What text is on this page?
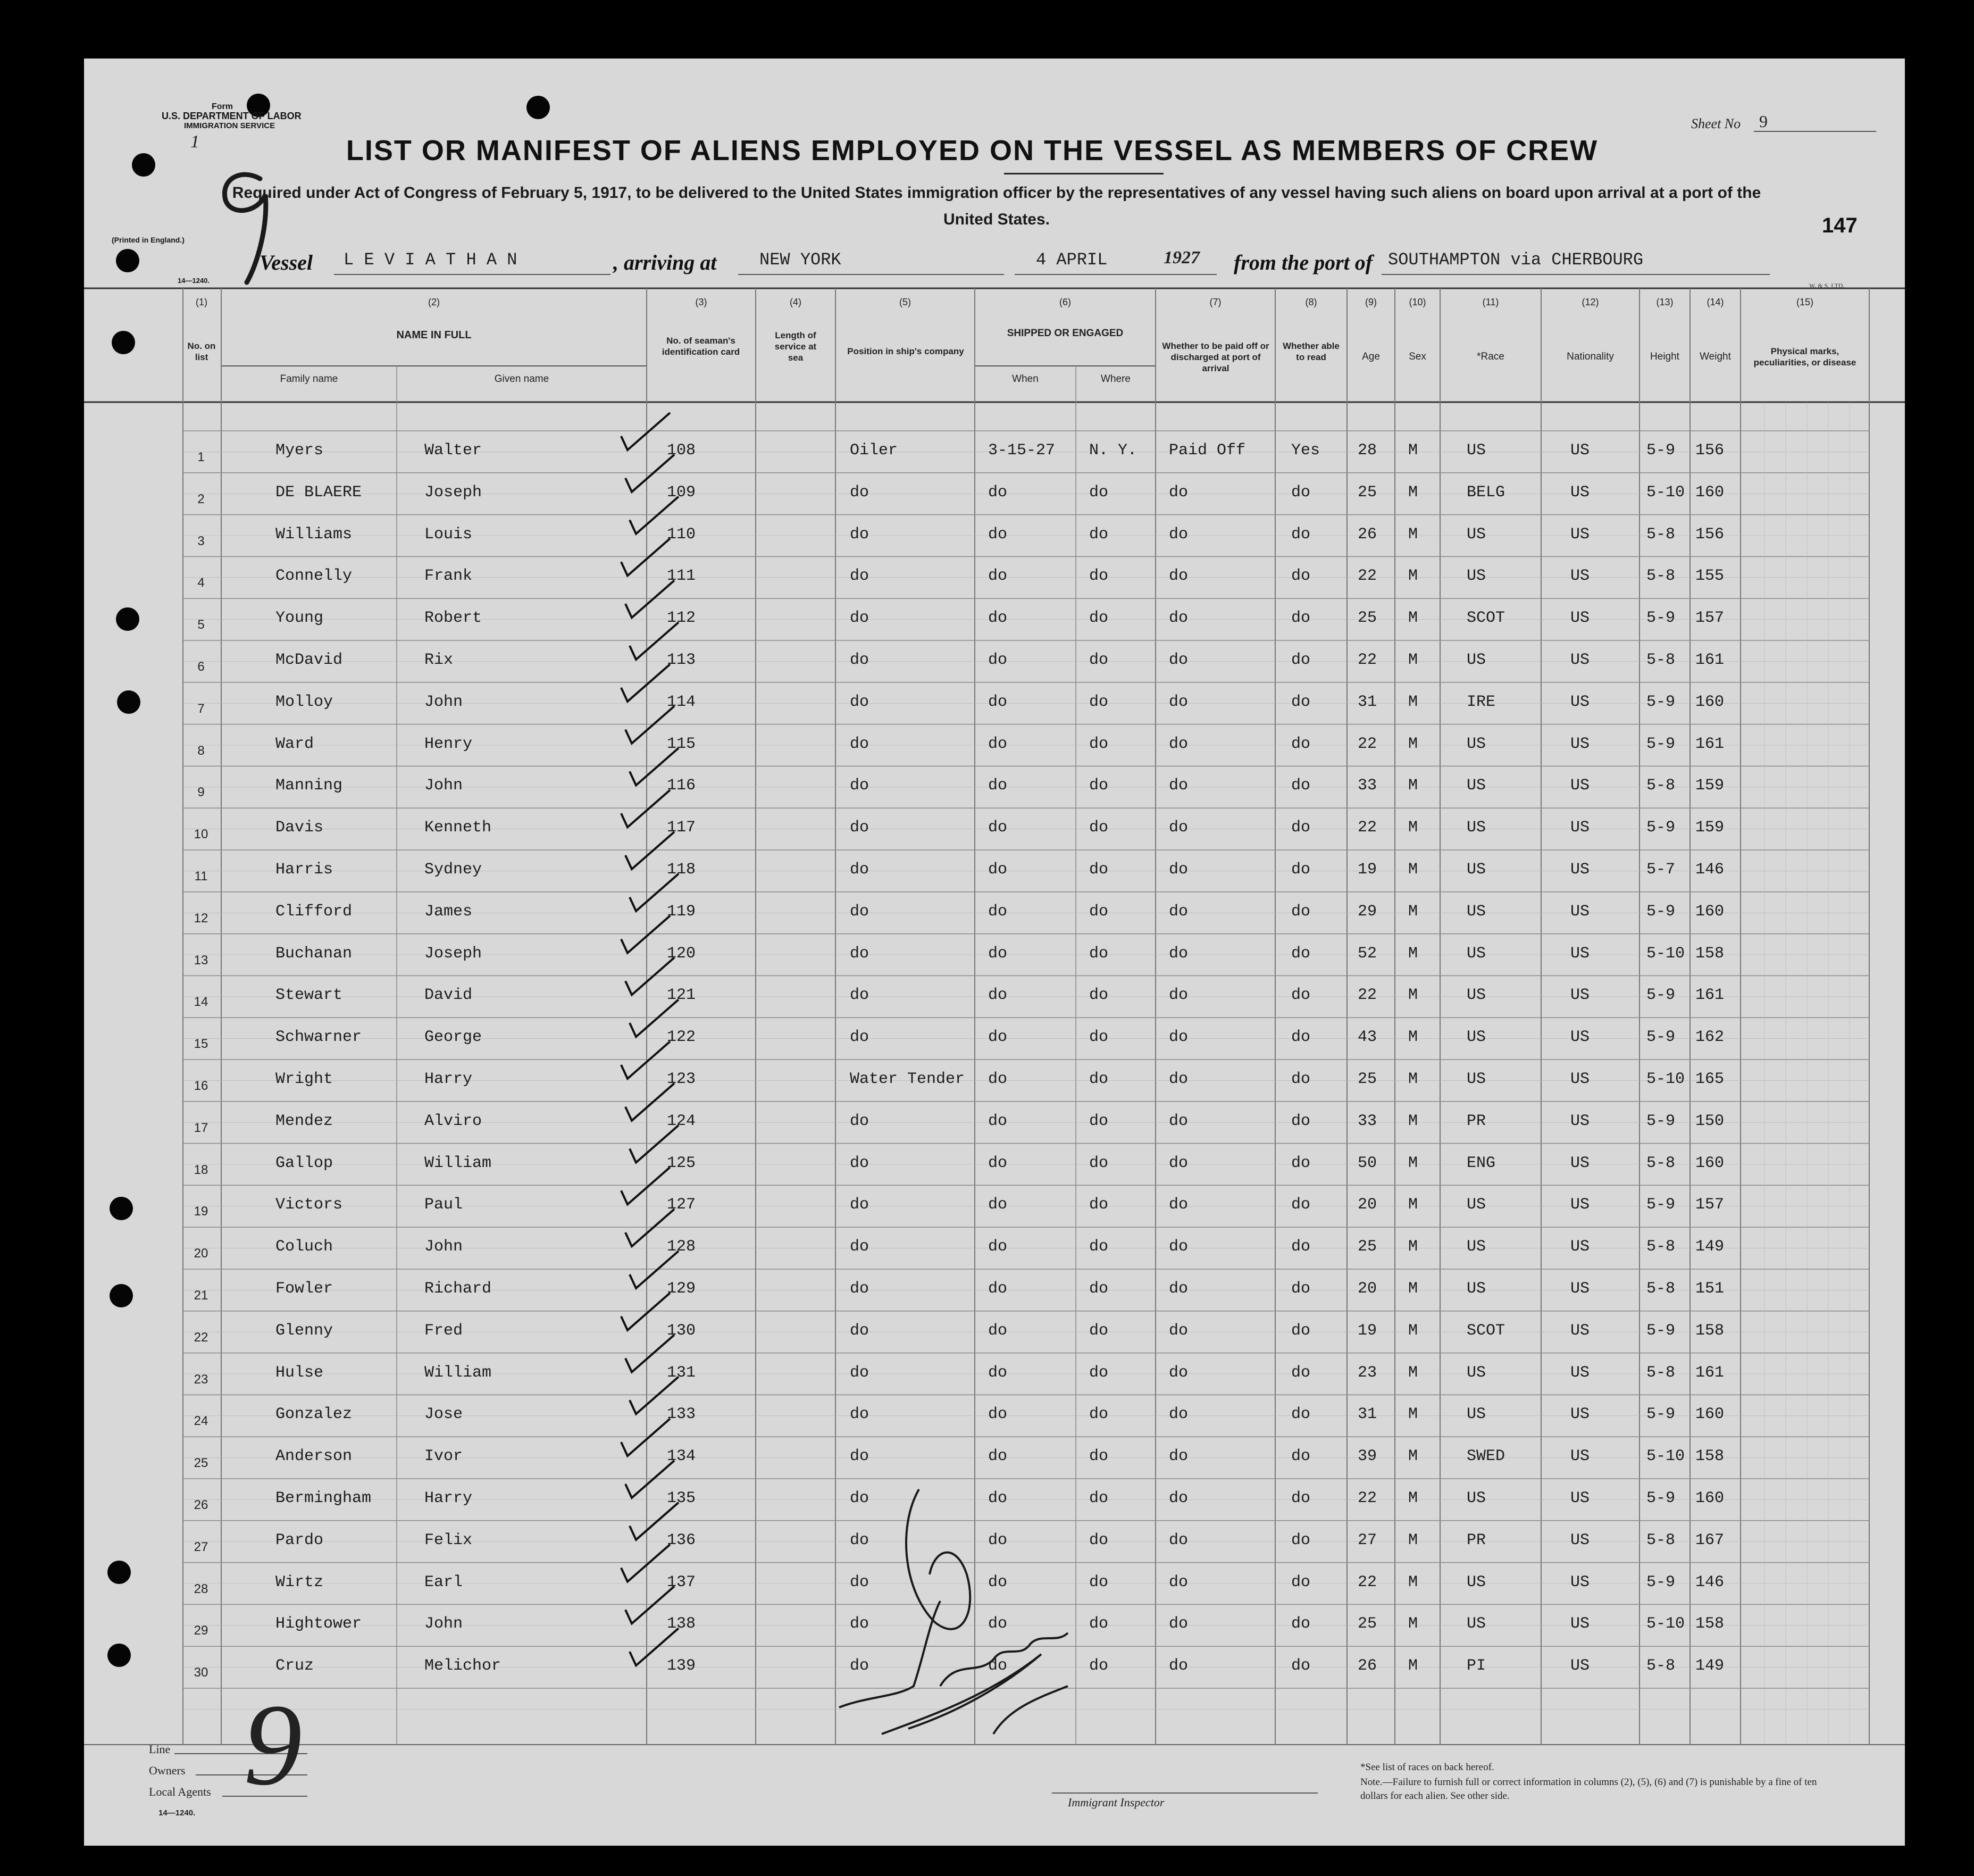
Form
U.S. DEPARTMENT OF LABOR
IMMIGRATION SERVICE
1
(Printed in England.)
14—1240.
Sheet No 9
147
W. & S. LTD.
LIST OR MANIFEST OF ALIENS EMPLOYED ON THE VESSEL AS MEMBERS OF CREW
Required under Act of Congress of February 5, 1917, to be delivered to the United States immigration officer by the representatives of any vessel having such aliens on board upon arrival at a port of the United States.
Vessel L E V I A T H A N	, arriving at	NEW YORK	4 APRIL	1927 from the port of SOUTHAMPTON via CHERBOURG
(1)
No. on list
(2)
NAME IN FULL
Family name	Given name
(3)
No. of seaman's identification card
(4)
Length of service at sea
(5)
Position in ship's company
(6)
SHIPPED OR ENGAGED
When	Where
(7)
Whether to be paid off or discharged at port of arrival
(8)
Whether able to read
(9)
Age
(10)
Sex
(11)
*Race
(12)
Nationality
(13)
Height
(14)
Weight
(15)
Physical marks, peculiarities, or disease
1	Myers	Walter	108	Oiler	3-15-27 N. Y. Paid Off	Yes 28 M	US	US	5-9 156
2	DE BLAERE	Joseph	109	do	do	do	do	do	25 M	BELG	US	5-10 160
3	Williams	Louis	110	do	do	do	do	do	26 M	US	US	5-8 156
4	Connelly	Frank	111	do	do	do	do	do	22 M	US	US	5-8 155
5	Young	Robert	112	do	do	do	do	do	25 M	SCOT	US	5-9 157
6	McDavid	Rix	113	do	do	do	do	do	22 M	US	US	5-8 161
7	Molloy	John	114	do	do	do	do	do	31 M	IRE	US	5-9 160
8	Ward	Henry	115	do	do	do	do	do	22 M	US	US	5-9 161
9	Manning	John	116	do	do	do	do	do	33 M	US	US	5-8 159
10	Davis	Kenneth	117	do	do	do	do	do	22 M	US	US	5-9 159
11	Harris	Sydney	118	do	do	do	do	do	19 M	US	US	5-7 146
12	Clifford	James	119	do	do	do	do	do	29 M	US	US	5-9 160
13	Buchanan	Joseph	120	do	do	do	do	do	52 M	US	US	5-10 158
14	Stewart	David	121	do	do	do	do	do	22 M	US	US	5-9 161
15	Schwarner	George	122	do	do	do	do	do	43 M	US	US	5-9 162
16	Wright	Harry	123	Water Tender do	do	do	do	25 M	US	US	5-10 165
17	Mendez	Alviro	124	do	do	do	do	do	33 M	PR	US	5-9 150
18	Gallop	William	125	do	do	do	do	do	50 M	ENG	US	5-8 160
19	Victors	Paul	127	do	do	do	do	do	20 M	US	US	5-9 157
20	Coluch	John	128	do	do	do	do	do	25 M	US	US	5-8 149
21	Fowler	Richard	129	do	do	do	do	do	20 M	US	US	5-8 151
22	Glenny	Fred	130	do	do	do	do	do	19 M	SCOT	US	5-9 158
23	Hulse	William	131	do	do	do	do	do	23 M	US	US	5-8 161
24	Gonzalez	Jose	133	do	do	do	do	do	31 M	US	US	5-9 160
25	Anderson	Ivor	134	do	do	do	do	do	39 M	SWED	US	5-10 158
26	Bermingham	Harry	135	do	do	do	do	do	22 M	US	US	5-9 160
27	Pardo	Felix	136	do	do	do	do	do	27 M	PR	US	5-8 167
28	Wirtz	Earl	137	do	do	do	do	do	22 M	US	US	5-9 146
29	Hightower	John	138	do	do	do	do	do	25 M	US	US	5-10 158
30	Cruz	Melichor	139	do	do	do	do	do	26 M	PI	US	5-8 149
Line
Owners
Local Agents
14—1240.
9	Immigrant Inspector
*See list of races on back hereof.
Note.—Failure to furnish full or correct information in columns (2), (5), (6) and (7) is punishable by a fine of ten dollars for each alien. See other side.
